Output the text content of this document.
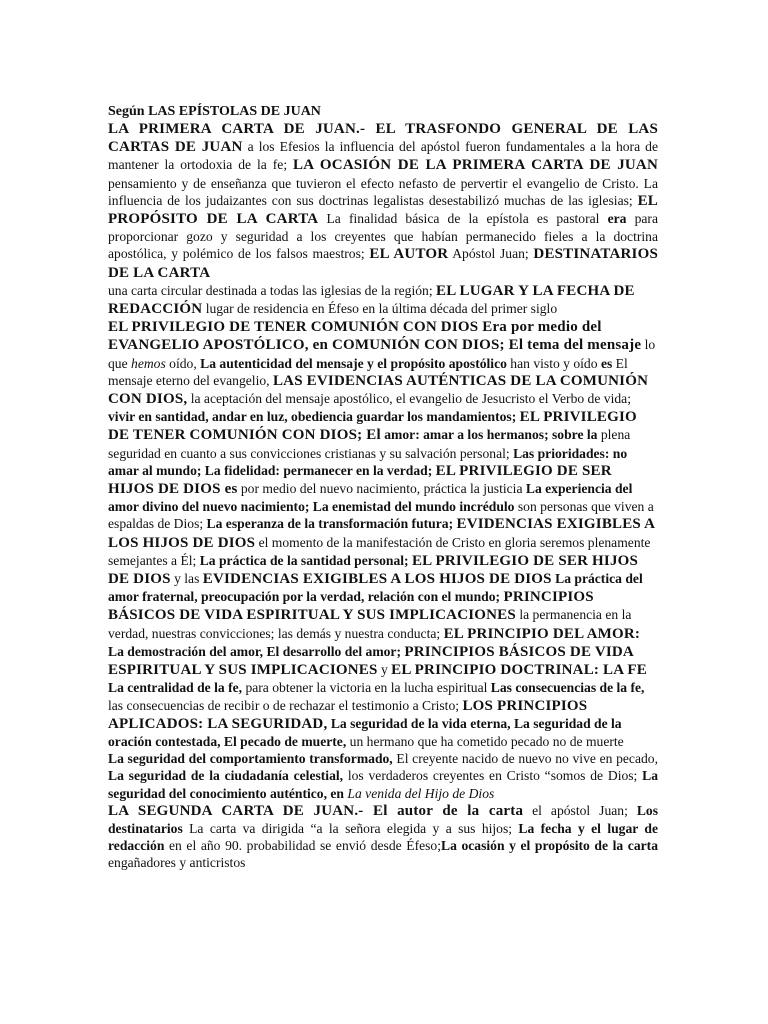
Según LAS EPÍSTOLAS DE JUAN

LA PRIMERA CARTA DE JUAN.- EL TRASFONDO GENERAL DE LAS CARTAS DE JUAN a los Efesios la influencia del apóstol fueron fundamentales a la hora de mantener la ortodoxia de la fe; LA OCASIÓN DE LA PRIMERA CARTA DE JUAN pensamiento y de enseñanza que tuvieron el efecto nefasto de pervertir el evangelio de Cristo. La influencia de los judaizantes con sus doctrinas legalistas desestabilizó muchas de las iglesias; EL PROPÓSITO DE LA CARTA La finalidad básica de la epístola es pastoral era para proporcionar gozo y seguridad a los creyentes que habían permanecido fieles a la doctrina apostólica, y polémico de los falsos maestros; EL AUTOR Apóstol Juan; DESTINATARIOS DE LA CARTA

una carta circular destinada a todas las iglesias de la región; EL LUGAR Y LA FECHA DE REDACCIÓN lugar de residencia en Éfeso en la última década del primer siglo

EL PRIVILEGIO DE TENER COMUNIÓN CON DIOS Era por medio del EVANGELIO APOSTÓLICO, en COMUNIÓN CON DIOS; El tema del mensaje lo que hemos oído, La autenticidad del mensaje y el propósito apostólico han visto y oído es El mensaje eterno del evangelio, LAS EVIDENCIAS AUTÉNTICAS DE LA COMUNIÓN CON DIOS, la aceptación del mensaje apostólico, el evangelio de Jesucristo el Verbo de vida; vivir en santidad, andar en luz, obediencia guardar los mandamientos; EL PRIVILEGIO DE TENER COMUNIÓN CON DIOS; El amor: amar a los hermanos; sobre la plena seguridad en cuanto a sus convicciones cristianas y su salvación personal; Las prioridades: no amar al mundo; La fidelidad: permanecer en la verdad; EL PRIVILEGIO DE SER HIJOS DE DIOS es por medio del nuevo nacimiento, práctica la justicia La experiencia del amor divino del nuevo nacimiento; La enemistad del mundo incrédulo son personas que viven a espaldas de Dios; La esperanza de la transformación futura; EVIDENCIAS EXIGIBLES A LOS HIJOS DE DIOS el momento de la manifestación de Cristo en gloria seremos plenamente semejantes a Él; La práctica de la santidad personal; EL PRIVILEGIO DE SER HIJOS DE DIOS y las EVIDENCIAS EXIGIBLES A LOS HIJOS DE DIOS La práctica del amor fraternal, preocupación por la verdad, relación con el mundo; PRINCIPIOS BÁSICOS DE VIDA ESPIRITUAL Y SUS IMPLICACIONES la permanencia en la verdad, nuestras convicciones; las demás y nuestra conducta; EL PRINCIPIO DEL AMOR: La demostración del amor, El desarrollo del amor; PRINCIPIOS BÁSICOS DE VIDA ESPIRITUAL Y SUS IMPLICACIONES y EL PRINCIPIO DOCTRINAL: LA FE La centralidad de la fe, para obtener la victoria en la lucha espiritual Las consecuencias de la fe, las consecuencias de recibir o de rechazar el testimonio a Cristo; LOS PRINCIPIOS APLICADOS: LA SEGURIDAD, La seguridad de la vida eterna, La seguridad de la oración contestada, El pecado de muerte, un hermano que ha cometido pecado no de muerte

La seguridad del comportamiento transformado, El creyente nacido de nuevo no vive en pecado, La seguridad de la ciudadanía celestial, los verdaderos creyentes en Cristo “somos de Dios; La seguridad del conocimiento auténtico, en La venida del Hijo de Dios

LA SEGUNDA CARTA DE JUAN.- El autor de la carta el apóstol Juan; Los destinatarios La carta va dirigida “a la señora elegida y a sus hijos; La fecha y el lugar de redacción en el año 90. probabilidad se envió desde Éfeso;La ocasión y el propósito de la carta engañadores y anticristos
